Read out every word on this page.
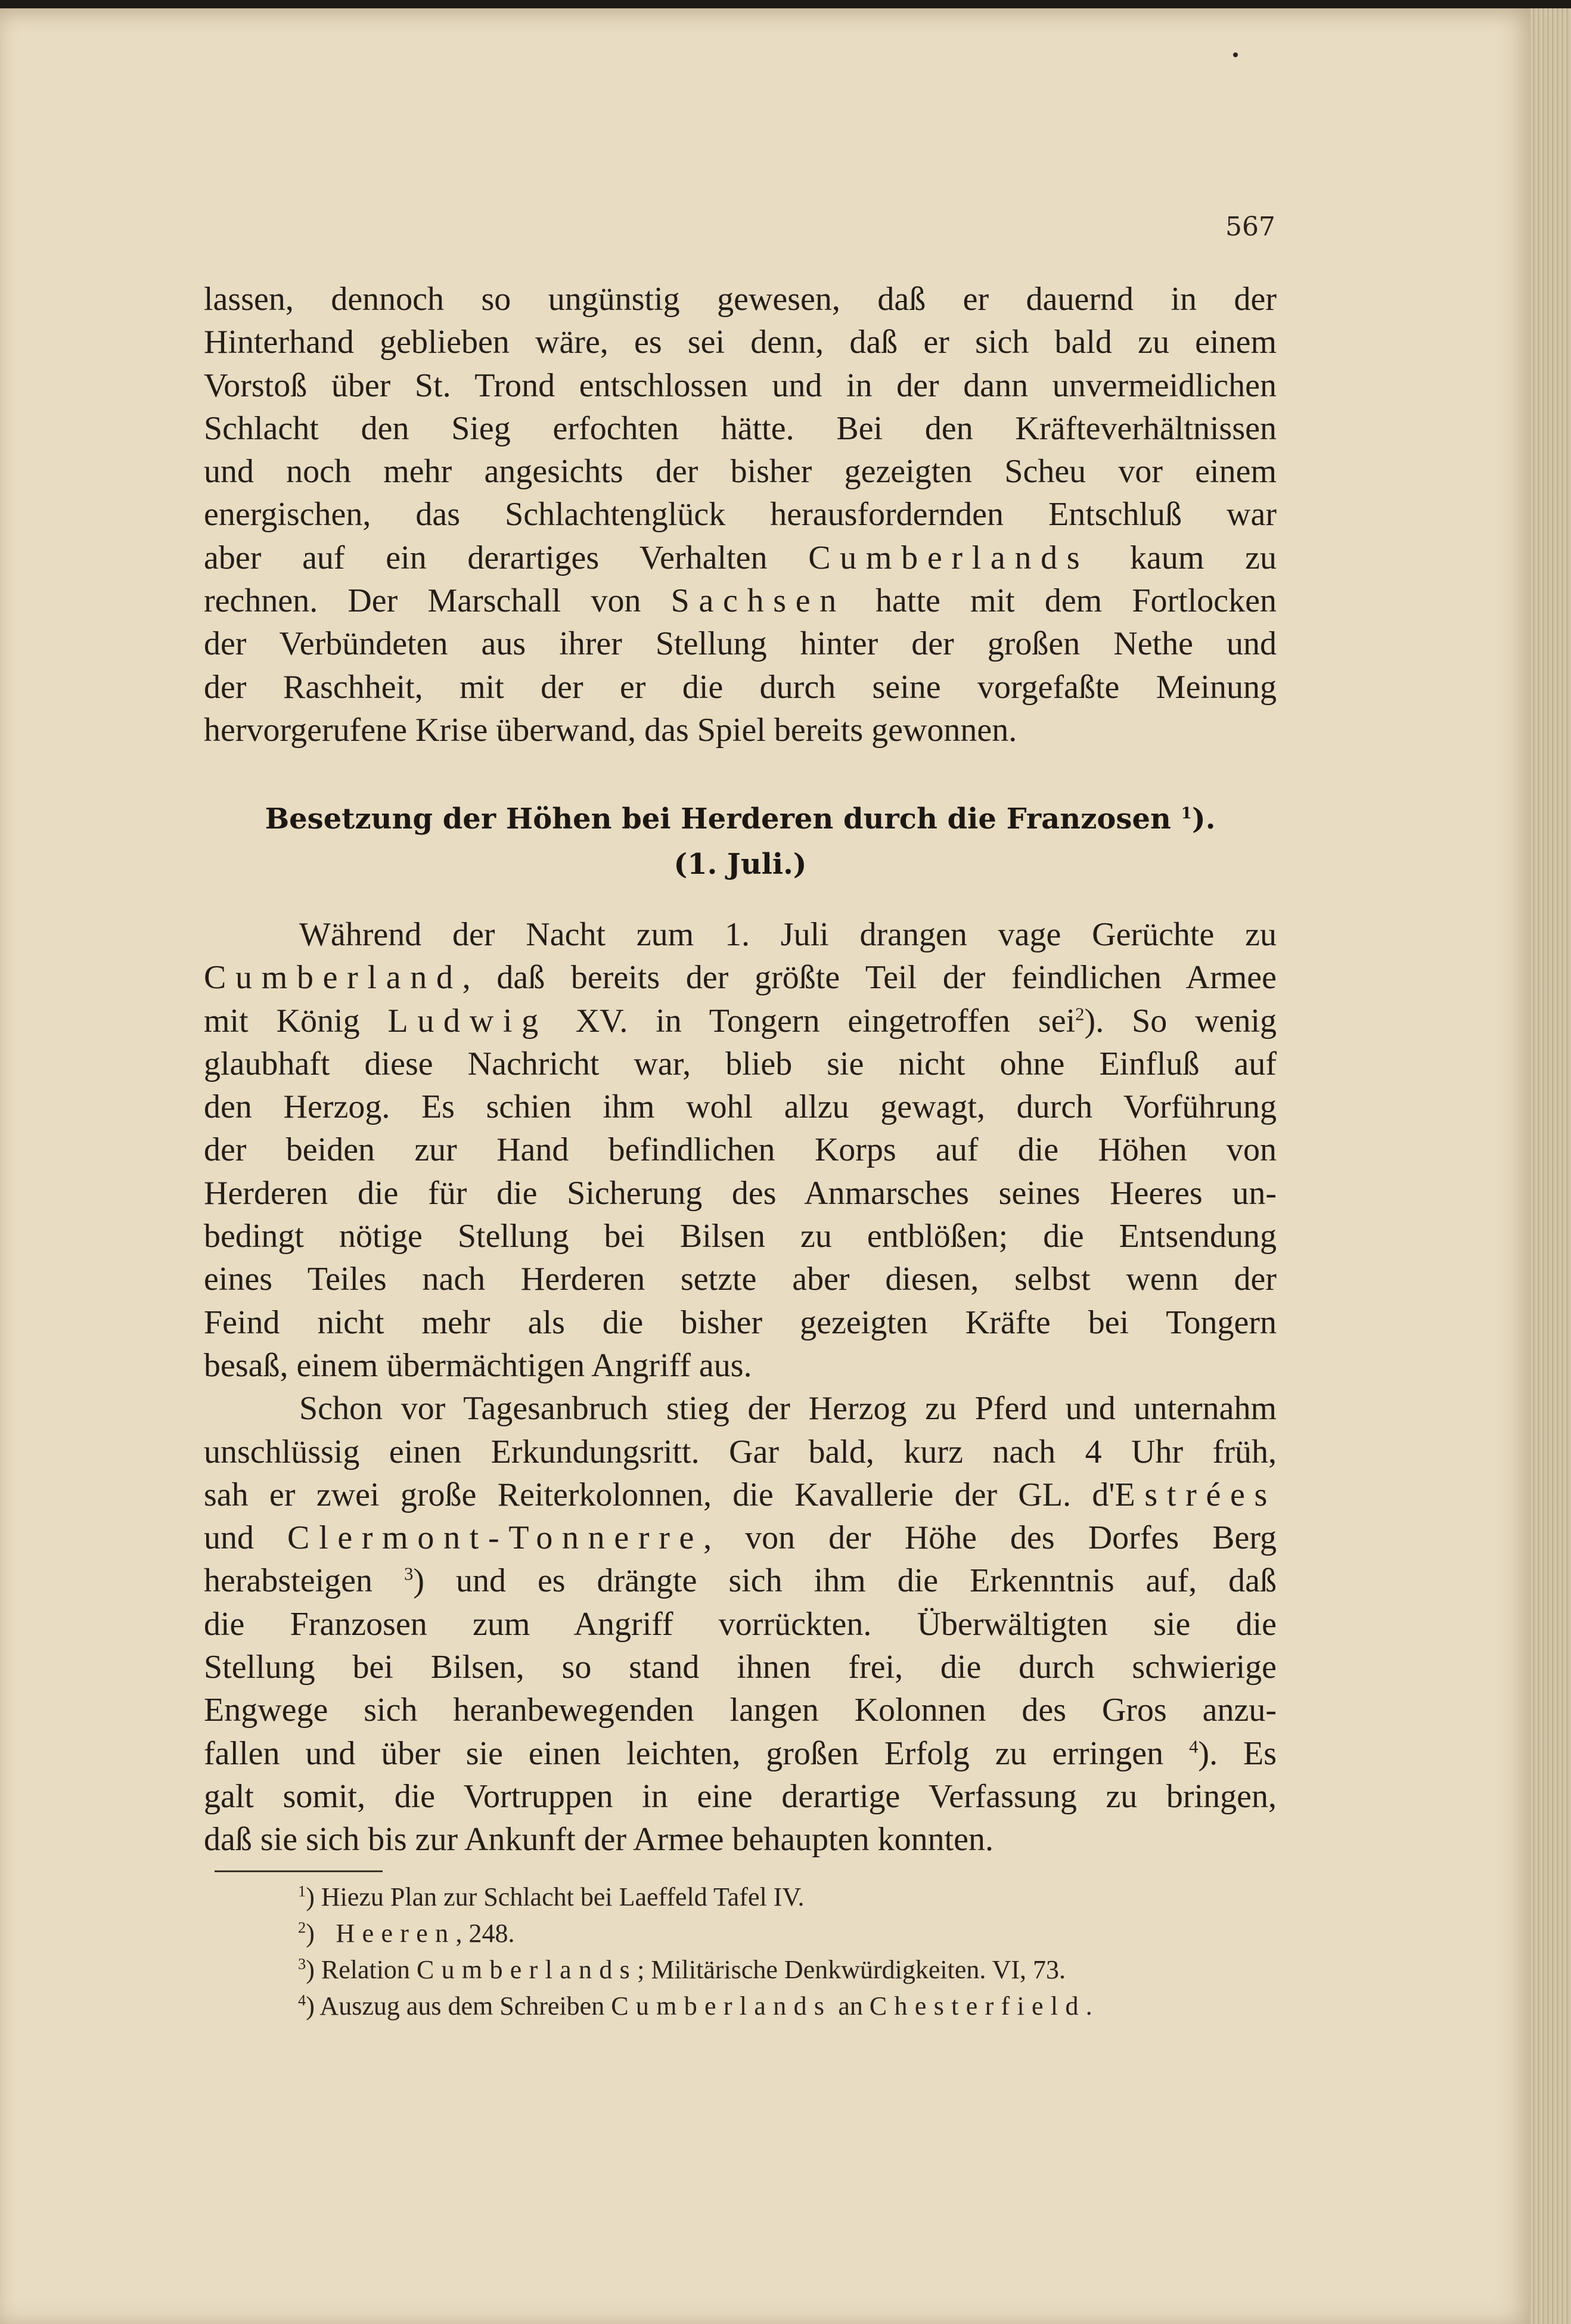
567
lassen, dennoch so ungünstig gewesen, daß er dauernd in der
Hinterhand geblieben wäre, es sei denn, daß er sich bald zu einem
Vorstoß über St. Trond entschlossen und in der dann unvermeidlichen
Schlacht den Sieg erfochten hätte. Bei den Kräfteverhältnissen
und noch mehr angesichts der bisher gezeigten Scheu vor einem
energischen, das Schlachtenglück herausfordernden Entschluß war
aber auf ein derartiges Verhalten Cumberlands kaum zu
rechnen. Der Marschall von Sachsen hatte mit dem Fortlocken
der Verbündeten aus ihrer Stellung hinter der großen Nethe und
der Raschheit, mit der er die durch seine vorgefaßte Meinung
hervorgerufene Krise überwand, das Spiel bereits gewonnen.
Besetzung der Höhen bei Herderen durch die Franzosen $^1$).
(1. Juli.)
Während der Nacht zum 1. Juli drangen vage Gerüchte zu
Cumberland, daß bereits der größte Teil der feindlichen Armee
mit König Ludwig XV. in Tongern eingetroffen sei$^2$). So wenig
glaubhaft diese Nachricht war, blieb sie nicht ohne Einfluß auf
den Herzog. Es schien ihm wohl allzu gewagt, durch Vorführung
der beiden zur Hand befindlichen Korps auf die Höhen von
Herderen die für die Sicherung des Anmarsches seines Heeres un-
bedingt nötige Stellung bei Bilsen zu entblößen; die Entsendung
eines Teiles nach Herderen setzte aber diesen, selbst wenn der
Feind nicht mehr als die bisher gezeigten Kräfte bei Tongern
besaß, einem übermächtigen Angriff aus.
Schon vor Tagesanbruch stieg der Herzog zu Pferd und unternahm
unschlüssig einen Erkundungsritt. Gar bald, kurz nach 4 Uhr früh,
sah er zwei große Reiterkolonnen, die Kavallerie der GL. d'Estrées
und Clermont-Tonnerre, von der Höhe des Dorfes Berg
herabsteigen $^3$) und es drängte sich ihm die Erkenntnis auf, daß
die Franzosen zum Angriff vorrückten. Überwältigten sie die
Stellung bei Bilsen, so stand ihnen frei, die durch schwierige
Engwege sich heranbewegenden langen Kolonnen des Gros anzu-
fallen und über sie einen leichten, großen Erfolg zu erringen $^4$). Es
galt somit, die Vortruppen in eine derartige Verfassung zu bringen,
daß sie sich bis zur Ankunft der Armee behaupten konnten.
$^1$) Hiezu Plan zur Schlacht bei Laeffeld Tafel IV.
$^2$) Heeren, 248.
$^3$) Relation Cumberlands; Militärische Denkwürdigkeiten. VI, 73.
$^4$) Auszug aus dem Schreiben Cumberlands an Chesterfield.
